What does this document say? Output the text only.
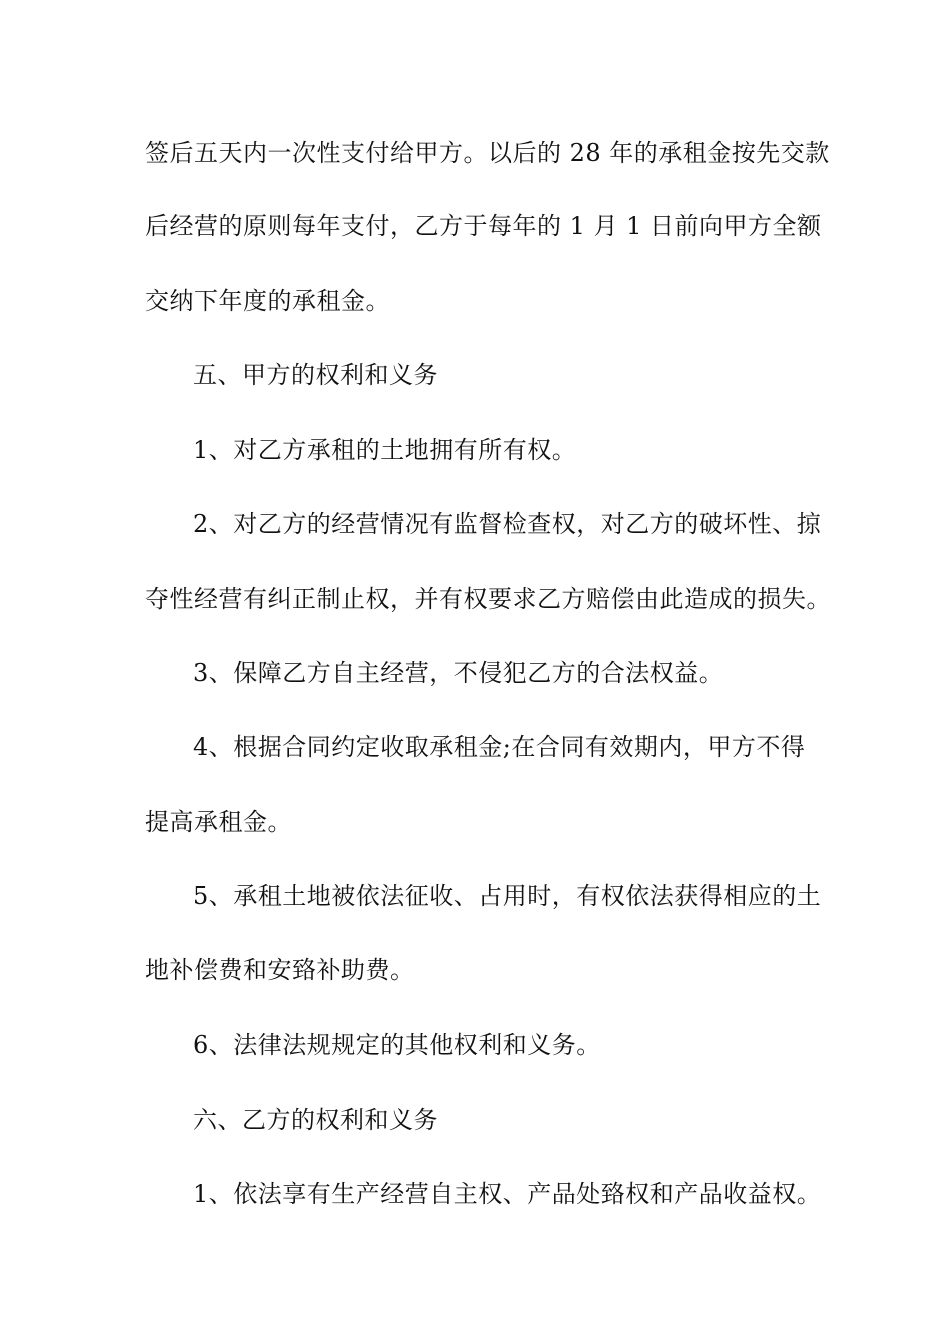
签后五天内一次性支付给甲方。以后的 28 年的承租金按先交款
后经营的原则每年支付，乙方于每年的 1 月 1 日前向甲方全额
交纳下年度的承租金。
五、甲方的权利和义务
1、对乙方承租的土地拥有所有权。
2、对乙方的经营情况有监督检查权，对乙方的破坏性、掠
夺性经营有纠正制止权，并有权要求乙方赔偿由此造成的损失。
3、保障乙方自主经营，不侵犯乙方的合法权益。
4、根据合同约定收取承租金;在合同有效期内，甲方不得
提高承租金。
5、承租土地被依法征收、占用时，有权依法获得相应的土
地补偿费和安臵补助费。
6、法律法规规定的其他权利和义务。
六、乙方的权利和义务
1、依法享有生产经营自主权、产品处臵权和产品收益权。
